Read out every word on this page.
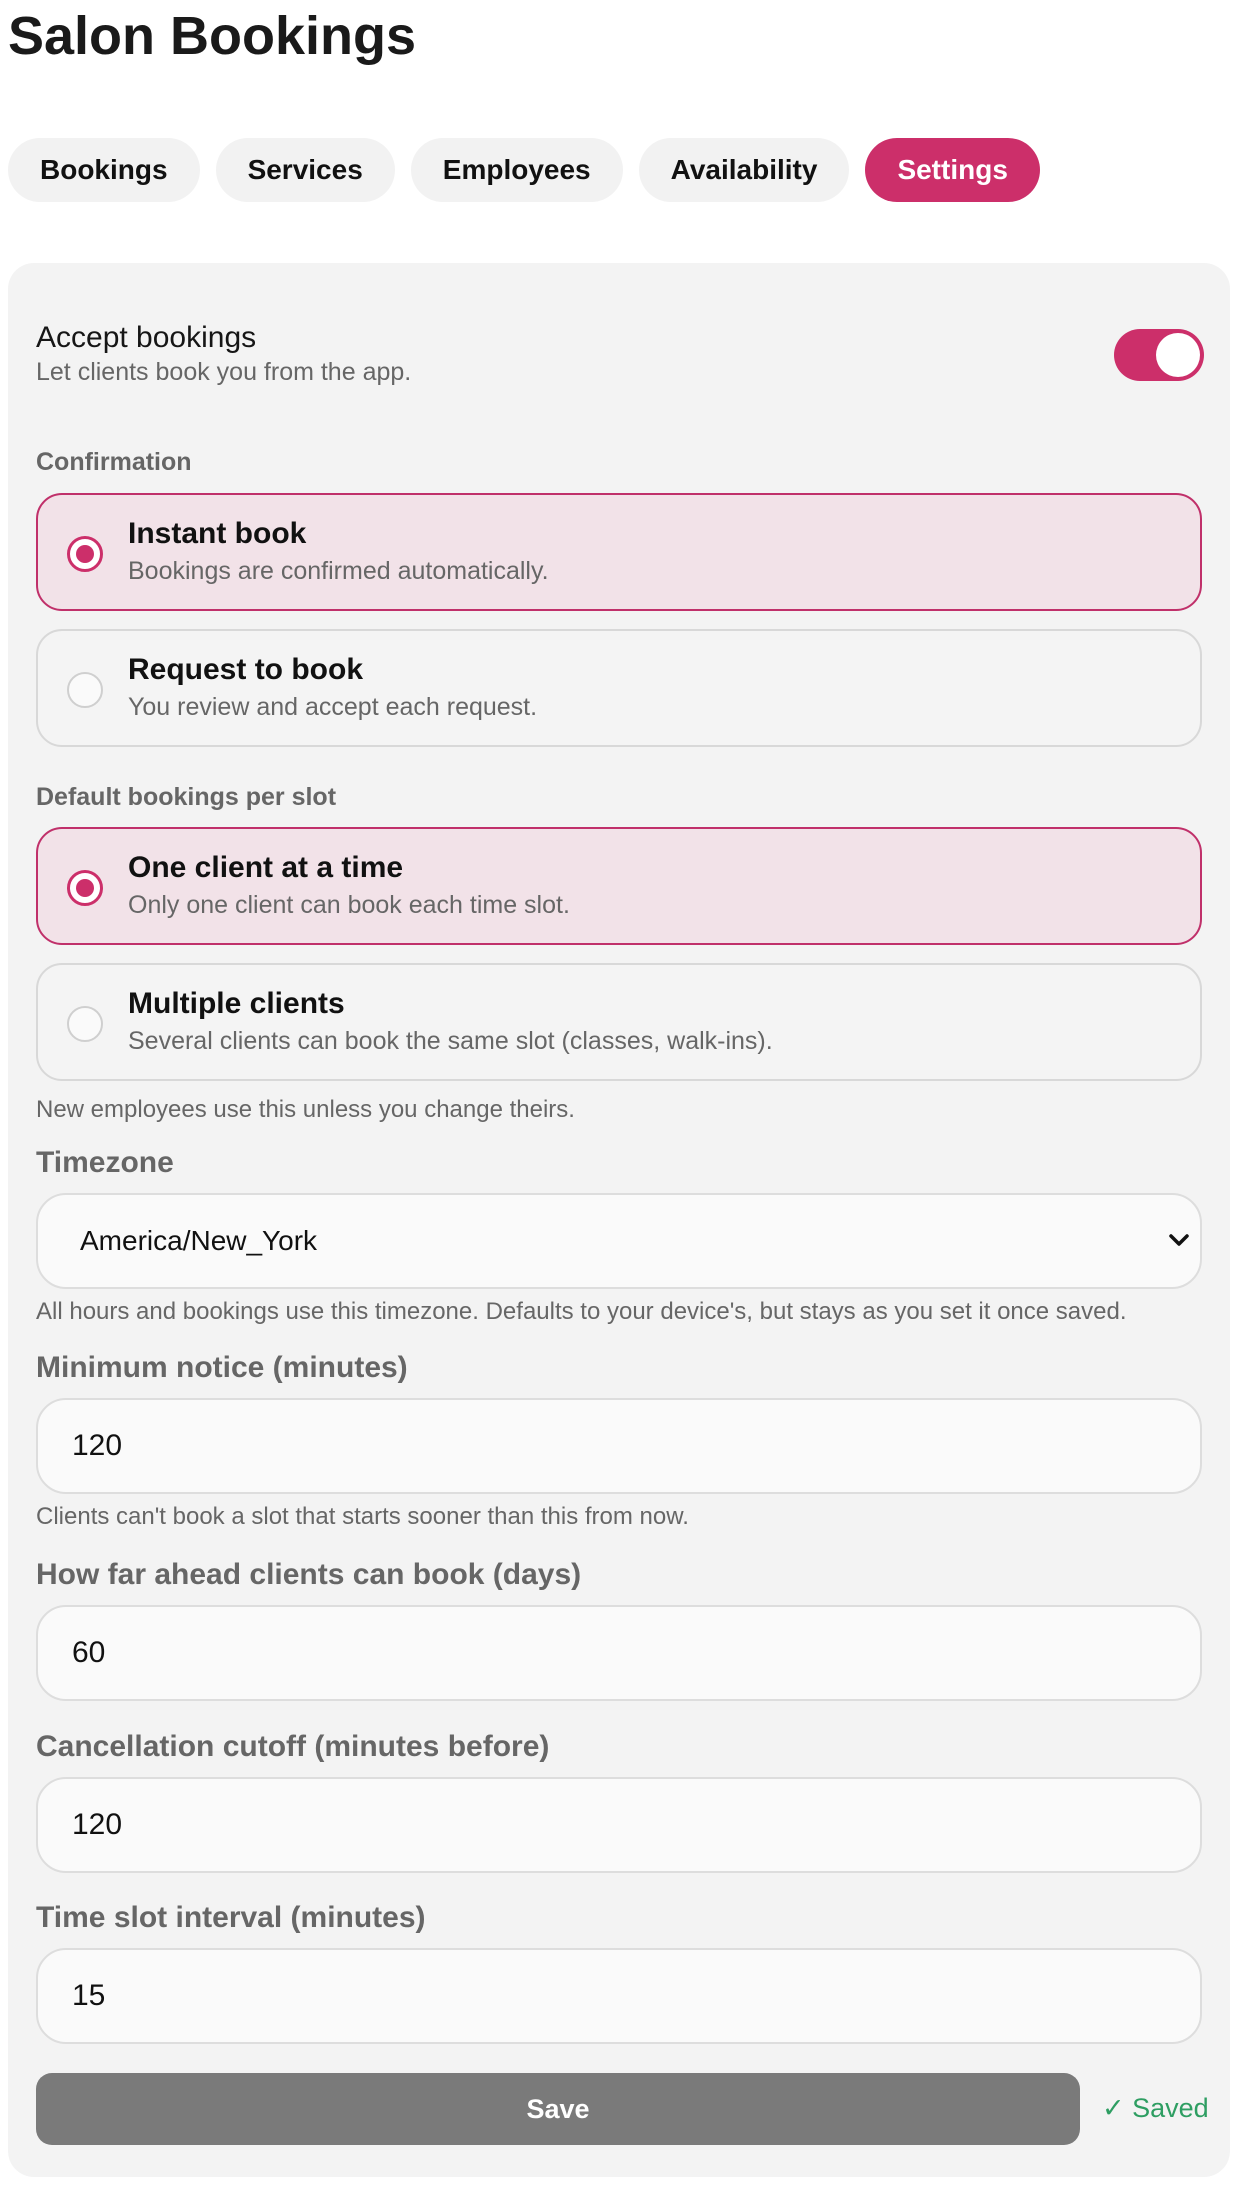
Salon Bookings
Bookings	Services	Employees	Availability	Settings
Accept bookings
Let clients book you from the app.
Confirmation
Instant book
Bookings are confirmed automatically.
Request to book
You review and accept each request.
Default bookings per slot
One client at a time
Only one client can book each time slot.
Multiple clients
Several clients can book the same slot (classes, walk-ins).
New employees use this unless you change theirs.
Timezone
America/New_York
All hours and bookings use this timezone. Defaults to your device's, but stays as you set it once saved.
Minimum notice (minutes)
120
Clients can't book a slot that starts sooner than this from now.
How far ahead clients can book (days)
60
Cancellation cutoff (minutes before)
120
Time slot interval (minutes)
15
Save	✓ Saved
